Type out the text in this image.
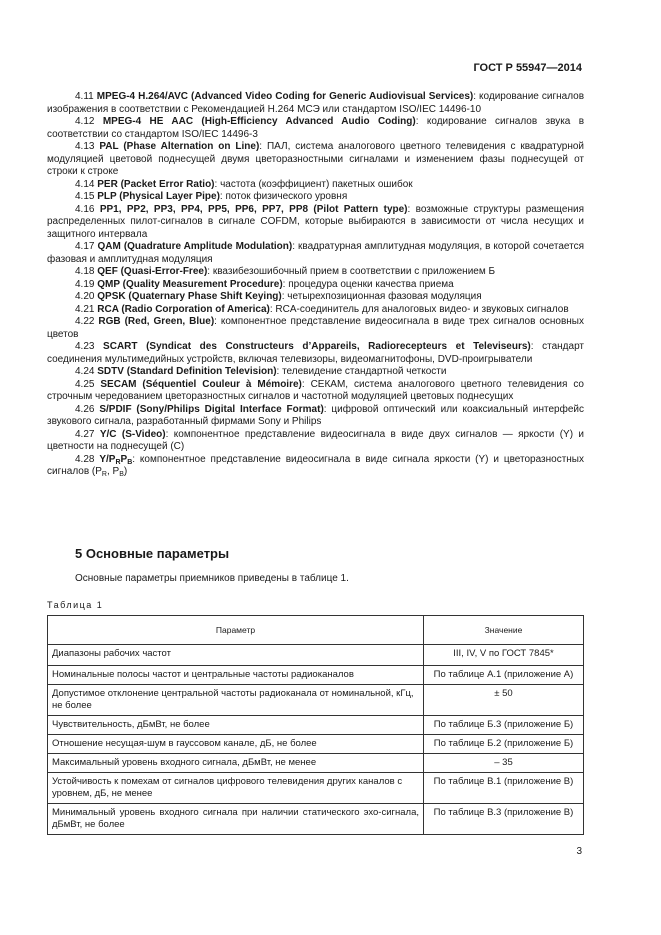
ГОСТ Р 55947—2014

4.11 MPEG-4 H.264/AVC (Advanced Video Coding for Generic Audiovisual Services): кодирование сигналов изображения в соответствии с Рекомендацией H.264 МСЭ или стандартом ISO/IEC 14496-10

4.12 MPEG-4 HE AAC (High-Efficiency Advanced Audio Coding): кодирование сигналов звука в соответствии со стандартом ISO/IEC 14496-3

4.13 PAL (Phase Alternation on Line): ПАЛ, система аналогового цветного телевидения с квадратурной модуляцией цветовой поднесущей двумя цветоразностными сигналами и изменением фазы поднесущей от строки к строке

4.14 PER (Packet Error Ratio): частота (коэффициент) пакетных ошибок

4.15 PLP (Physical Layer Pipe): поток физического уровня

4.16 PP1, PP2, PP3, PP4, PP5, PP6, PP7, PP8 (Pilot Pattern type): возможные структуры размещения распределенных пилот-сигналов в сигнале COFDM, которые выбираются в зависимости от числа несущих и защитного интервала

4.17 QAM (Quadrature Amplitude Modulation): квадратурная амплитудная модуляция, в которой сочетается фазовая и амплитудная модуляция

4.18 QEF (Quasi-Error-Free): квазибезошибочный прием в соответствии с приложением Б

4.19 QMP (Quality Measurement Procedure): процедура оценки качества приема

4.20 QPSK (Quaternary Phase Shift Keying): четырехпозиционная фазовая модуляция

4.21 RCA (Radio Corporation of America): RCA-соединитель для аналоговых видео- и звуковых сигналов

4.22 RGB (Red, Green, Blue): компонентное представление видеосигнала в виде трех сигналов основных цветов

4.23 SCART (Syndicat des Constructeurs d’Appareils, Radiorecepteurs et Televiseurs): стандарт соединения мультимедийных устройств, включая телевизоры, видеомагнитофоны, DVD-проигрыватели

4.24 SDTV (Standard Definition Television): телевидение стандартной четкости

4.25 SECAM (Séquentiel Couleur à Mémoire): СЕКАМ, система аналогового цветного телевидения со строчным чередованием цветоразностных сигналов и частотной модуляцией цветовых поднесущих

4.26 S/PDIF (Sony/Philips Digital Interface Format): цифровой оптический или коаксиальный интерфейс звукового сигнала, разработанный фирмами Sony и Philips

4.27 Y/C (S-Video): компонентное представление видеосигнала в виде двух сигналов — яркости (Y) и цветности на поднесущей (С)

4.28 $Y/P_RP_B$: компонентное представление видеосигнала в виде сигнала яркости (Y) и цветоразностных сигналов ($P_R$, $P_B$)

5 Основные параметры
Основные параметры приемников приведены в таблице 1.
Таблица 1
Параметр	Значение
Диапазоны рабочих частот	III, IV, V по ГОСТ 7845*
Номинальные полосы частот и центральные частоты радиоканалов	По таблице А.1 (приложение А)
Допустимое отклонение центральной частоты радиоканала от номинальной, кГц, не более	± 50
Чувствительность, дБмВт, не более	По таблице Б.3 (приложение Б)
Отношение несущая-шум в гауссовом канале, дБ, не более	По таблице Б.2 (приложение Б)
Максимальный уровень входного сигнала, дБмВт, не менее	– 35
Устойчивость к помехам от сигналов цифрового телевидения других каналов с уровнем, дБ, не менее	По таблице В.1 (приложение В)
Минимальный уровень входного сигнала при наличии статического эхо-сигнала, дБмВт, не более	По таблице В.3 (приложение В)
3
